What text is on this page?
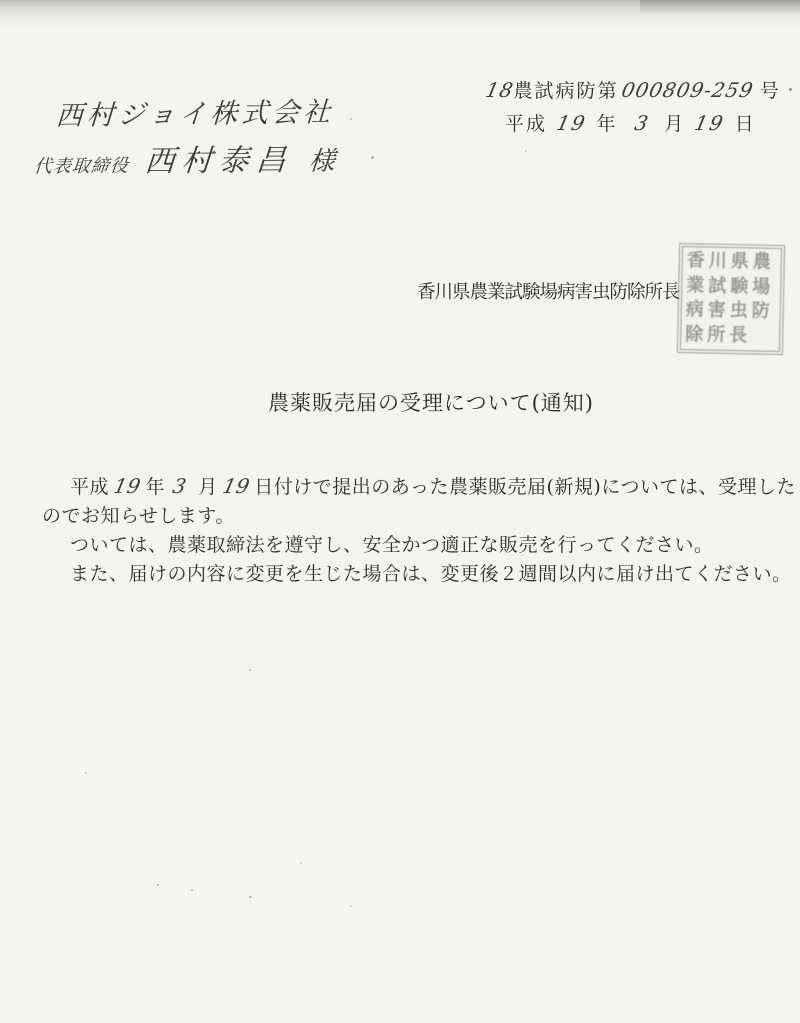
18
農試病防第 000809-259 号
平成 19 年 3 月 19 日
西村ジョイ株式会社
代表取締役 西村泰昌 様
香川県農業試験場病害虫防除所長
香川県農
業試験場
病害虫防
除所長
農薬販売届の受理について(通知)
平成 19 年 3 月 19 日付けで提出のあった農薬販売届(新規)については、受理した
のでお知らせします。
ついては、農薬取締法を遵守し、安全かつ適正な販売を行ってください。
また、届けの内容に変更を生じた場合は、変更後２週間以内に届け出てください。
